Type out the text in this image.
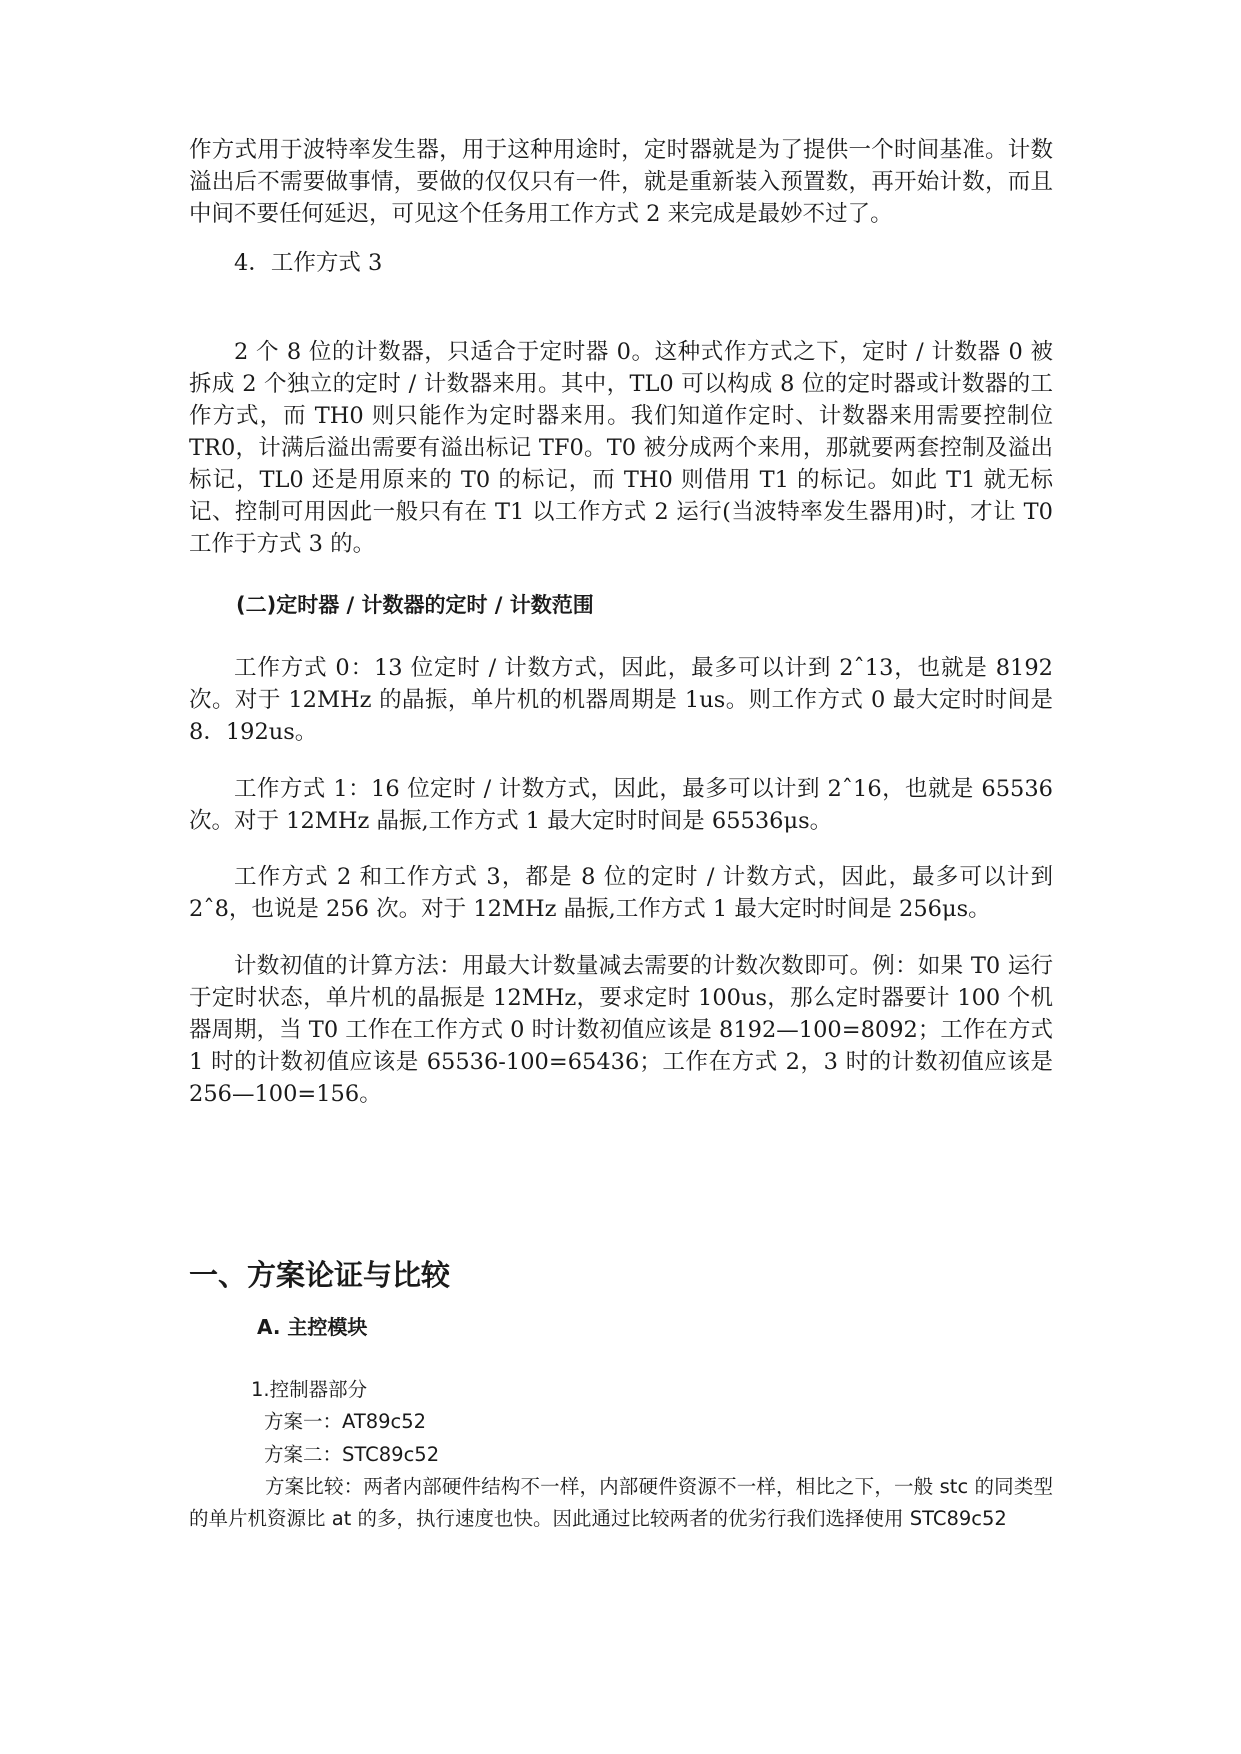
作方式用于波特率发生器，用于这种用途时，定时器就是为了提供一个时间基准。计数溢出后不需要做事情，要做的仅仅只有一件，就是重新装入预置数，再开始计数，而且中间不要任何延迟，可见这个任务用工作方式 2 来完成是最妙不过了。

4．工作方式 3

2 个 8 位的计数器，只适合于定时器 0。这种式作方式之下，定时 / 计数器 0 被拆成 2 个独立的定时 / 计数器来用。其中，TL0 可以构成 8 位的定时器或计数器的工作方式，而 TH0 则只能作为定时器来用。我们知道作定时、计数器来用需要控制位 TR0，计满后溢出需要有溢出标记 TF0。T0 被分成两个来用，那就要两套控制及溢出标记，TL0 还是用原来的 T0 的标记，而 TH0 则借用 T1 的标记。如此 T1 就无标记、控制可用因此一般只有在 T1 以工作方式 2 运行(当波特率发生器用)时，才让 T0 工作于方式 3 的。

(二)定时器 / 计数器的定时 / 计数范围

工作方式 0：13 位定时 / 计数方式，因此，最多可以计到 2ˆ13，也就是 8192 次。对于 12MHz 的晶振，单片机的机器周期是 1us。则工作方式 0 最大定时时间是 8．192us。

工作方式 1：16 位定时 / 计数方式，因此，最多可以计到 2ˆ16，也就是 65536 次。对于 12MHz 晶振,工作方式 1 最大定时时间是 65536μs。

工作方式 2 和工作方式 3，都是 8 位的定时 / 计数方式，因此，最多可以计到 2ˆ8，也说是 256 次。对于 12MHz 晶振,工作方式 1 最大定时时间是 256μs。

计数初值的计算方法：用最大计数量减去需要的计数次数即可。例：如果 T0 运行于定时状态，单片机的晶振是 12MHz，要求定时 100us，那么定时器要计 100 个机器周期，当 T0 工作在工作方式 0 时计数初值应该是 8192—100=8092；工作在方式 1 时的计数初值应该是 65536-100=65436；工作在方式 2，3 时的计数初值应该是 256—100=156。

一、方案论证与比较

A. 主控模块

1.控制器部分

方案一：AT89c52

方案二：STC89c52

方案比较：两者内部硬件结构不一样，内部硬件资源不一样，相比之下，一般 stc 的同类型的单片机资源比 at 的多，执行速度也快。因此通过比较两者的优劣行我们选择使用 STC89c52
